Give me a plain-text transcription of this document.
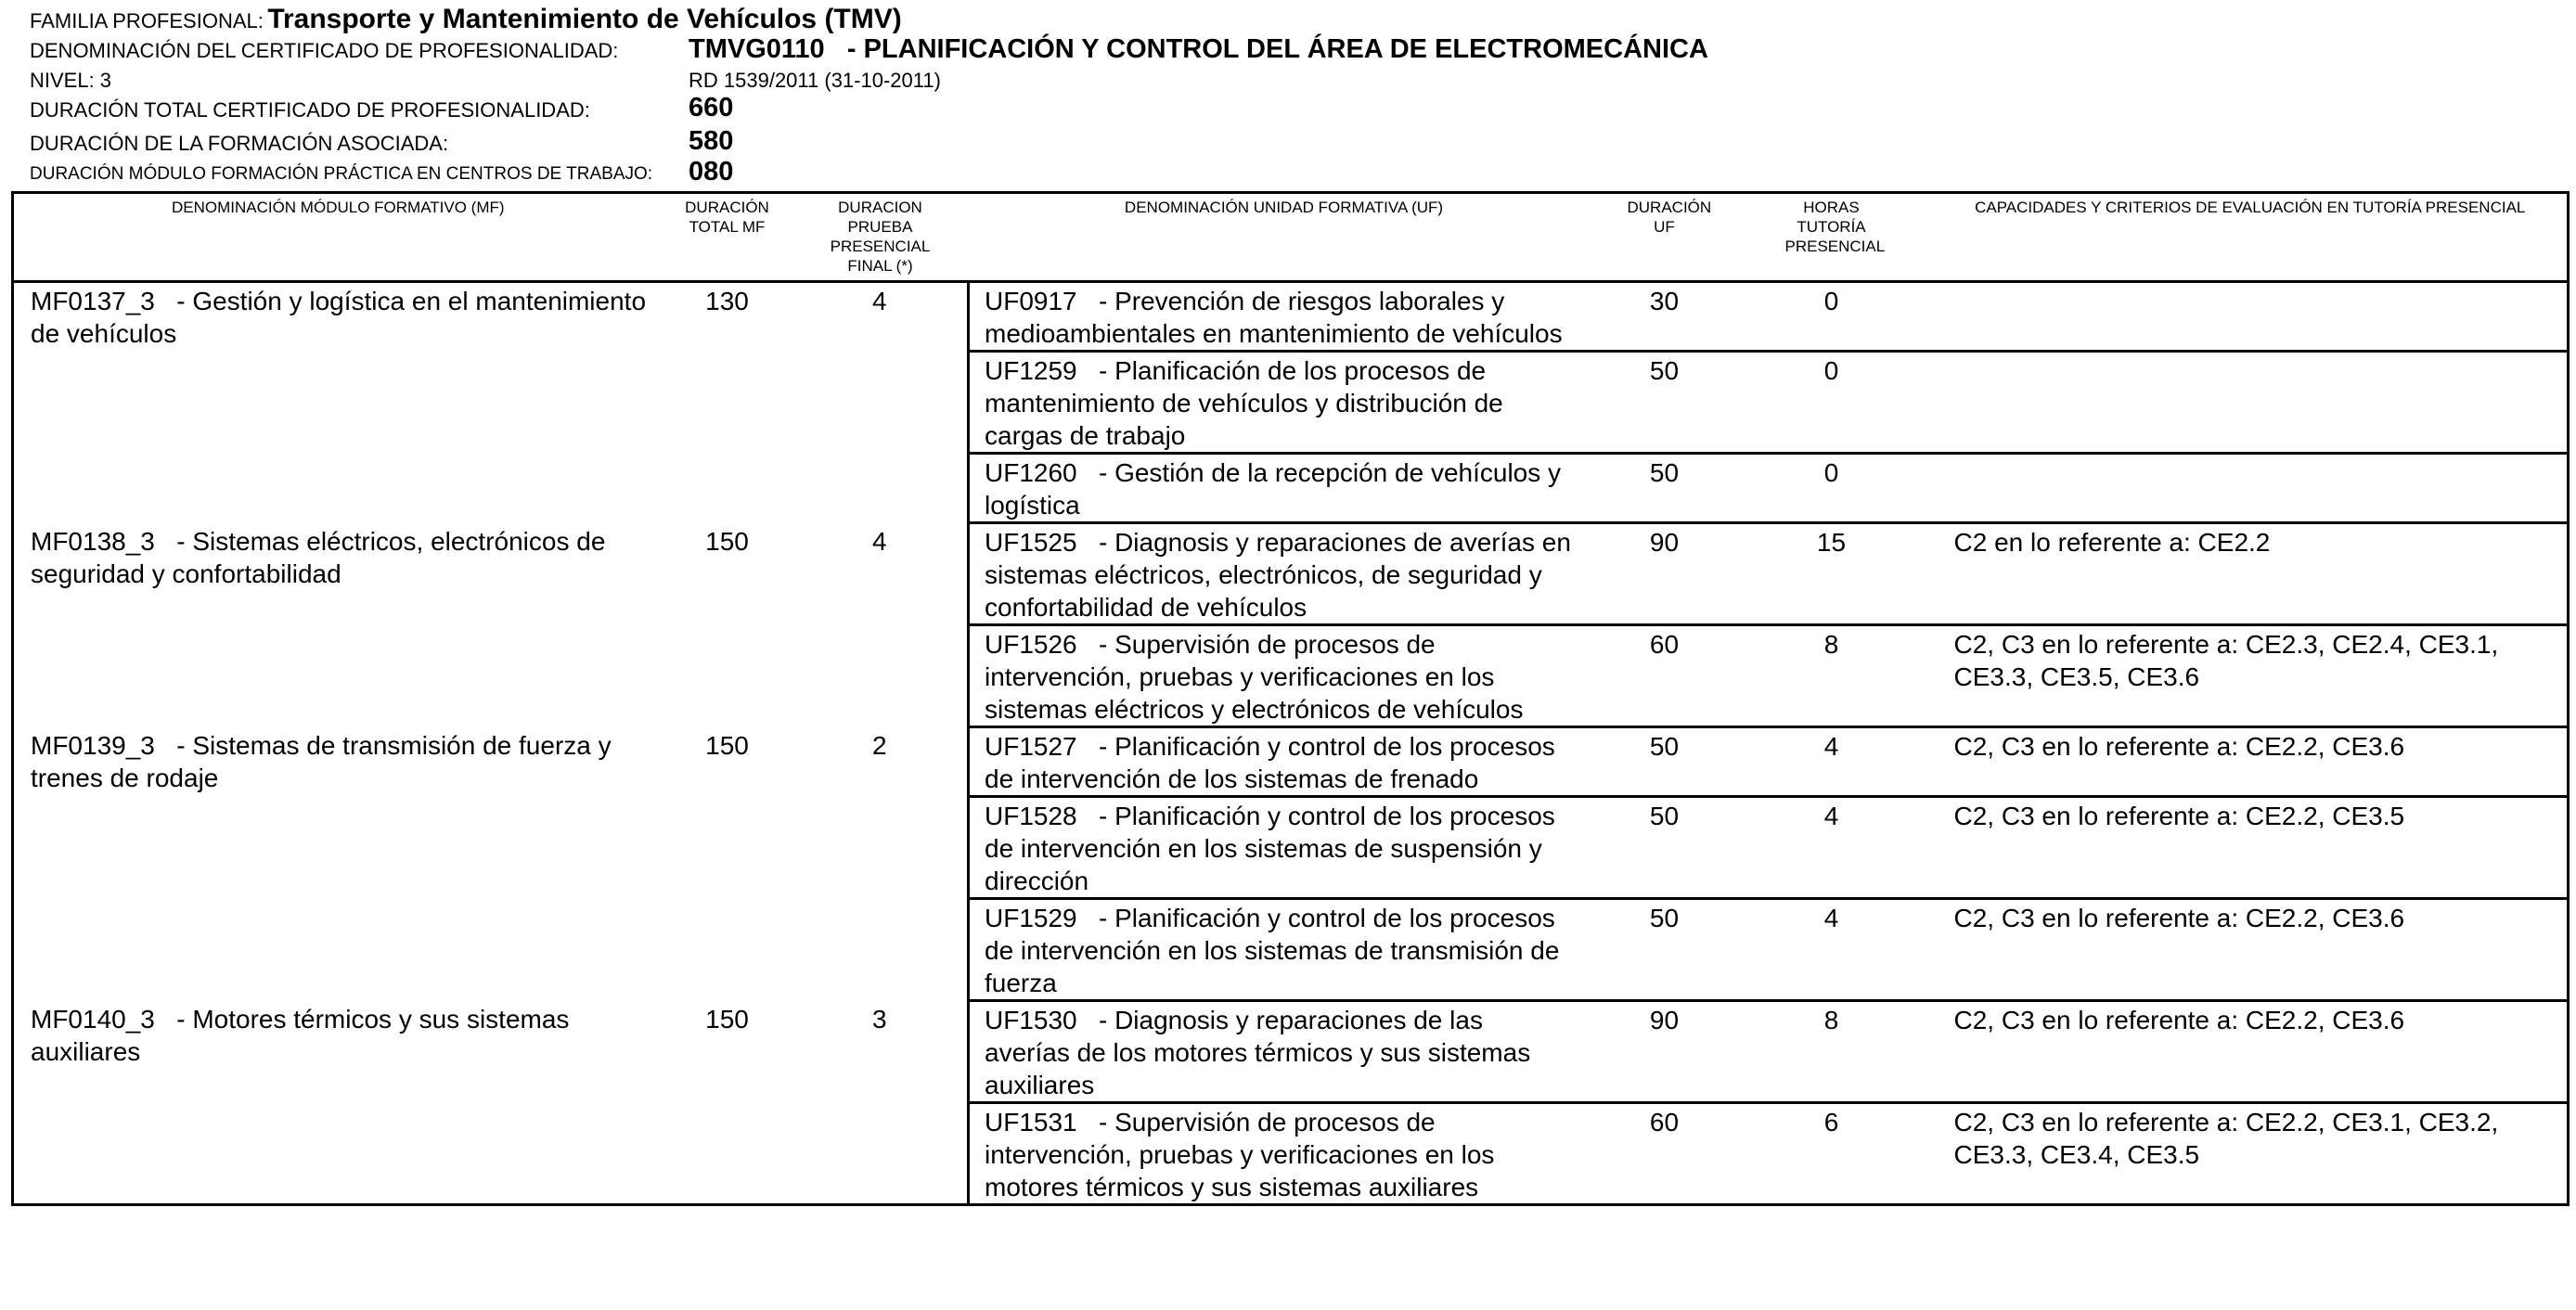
FAMILIA PROFESIONAL: Transporte y Mantenimiento de Vehículos (TMV)
DENOMINACIÓN DEL CERTIFICADO DE PROFESIONALIDAD:	TMVG0110 - PLANIFICACIÓN Y CONTROL DEL ÁREA DE ELECTROMECÁNICA
NIVEL: 3	RD 1539/2011 (31-10-2011)
DURACIÓN TOTAL CERTIFICADO DE PROFESIONALIDAD:	660
DURACIÓN DE LA FORMACIÓN ASOCIADA:	580
DURACIÓN MÓDULO FORMACIÓN PRÁCTICA EN CENTROS DE TRABAJO: 080
DENOMINACIÓN MÓDULO FORMATIVO (MF)	DURACIÓN TOTAL MF	DURACION PRUEBA PRESENCIAL FINAL (*)	DENOMINACIÓN UNIDAD FORMATIVA (UF)	DURACIÓN UF	HORAS TUTORÍA PRESENCIAL	CAPACIDADES Y CRITERIOS DE EVALUACIÓN EN TUTORÍA PRESENCIAL
MF0137_3 - Gestión y logística en el mantenimiento de vehículos	130	4	UF0917 - Prevención de riesgos laborales y medioambientales en mantenimiento de vehículos	30	0	
			UF1259 - Planificación de los procesos de mantenimiento de vehículos y distribución de cargas de trabajo	50	0	
			UF1260 - Gestión de la recepción de vehículos y logística	50	0	
MF0138_3 - Sistemas eléctricos, electrónicos de seguridad y confortabilidad	150	4	UF1525 - Diagnosis y reparaciones de averías en sistemas eléctricos, electrónicos, de seguridad y confortabilidad de vehículos	90	15	C2 en lo referente a: CE2.2
			UF1526 - Supervisión de procesos de intervención, pruebas y verificaciones en los sistemas eléctricos y electrónicos de vehículos	60	8	C2, C3 en lo referente a: CE2.3, CE2.4, CE3.1, CE3.3, CE3.5, CE3.6
MF0139_3 - Sistemas de transmisión de fuerza y trenes de rodaje	150	2	UF1527 - Planificación y control de los procesos de intervención de los sistemas de frenado	50	4	C2, C3 en lo referente a: CE2.2, CE3.6
			UF1528 - Planificación y control de los procesos de intervención en los sistemas de suspensión y dirección	50	4	C2, C3 en lo referente a: CE2.2, CE3.5
			UF1529 - Planificación y control de los procesos de intervención en los sistemas de transmisión de fuerza	50	4	C2, C3 en lo referente a: CE2.2, CE3.6
MF0140_3 - Motores térmicos y sus sistemas auxiliares	150	3	UF1530 - Diagnosis y reparaciones de las averías de los motores térmicos y sus sistemas auxiliares	90	8	C2, C3 en lo referente a: CE2.2, CE3.6
			UF1531 - Supervisión de procesos de intervención, pruebas y verificaciones en los motores térmicos y sus sistemas auxiliares	60	6	C2, C3 en lo referente a: CE2.2, CE3.1, CE3.2, CE3.3, CE3.4, CE3.5
